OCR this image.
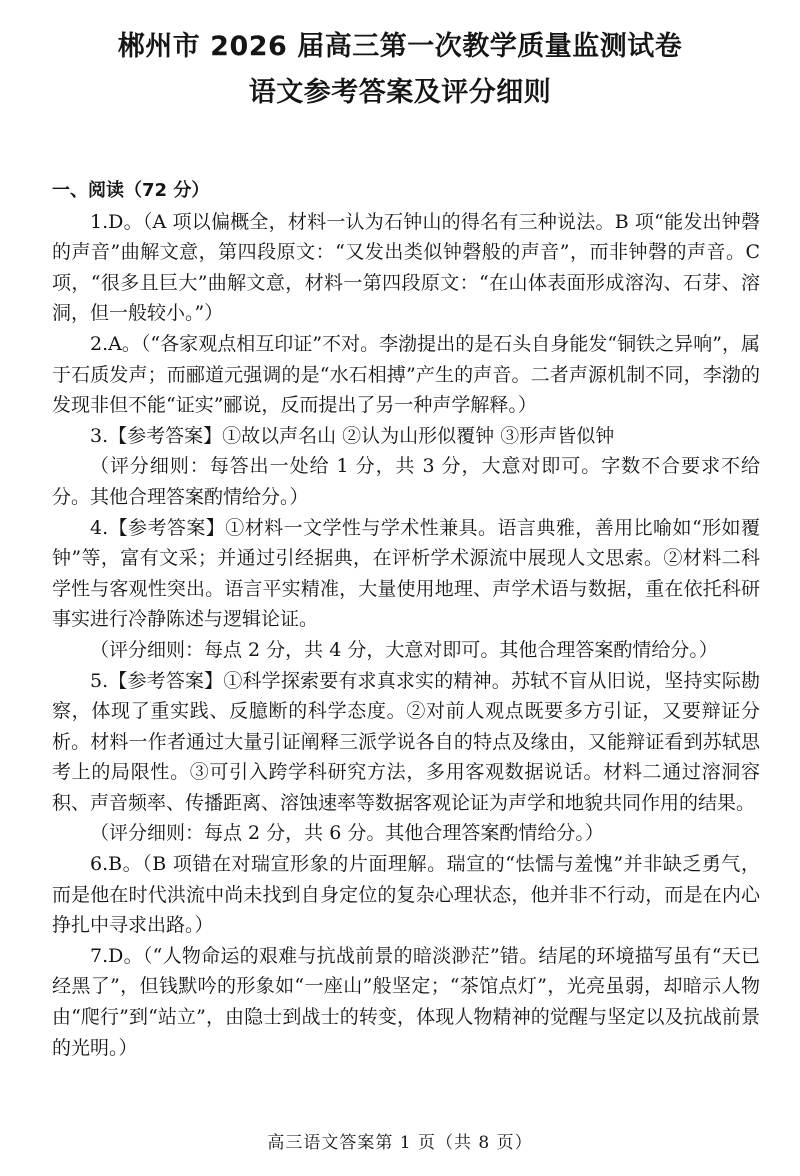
郴州市 2026 届高三第一次教学质量监测试卷
语文参考答案及评分细则

一、阅读（72 分）

1.D。（A 项以偏概全，材料一认为石钟山的得名有三种说法。B 项“能发出钟磬的声音”曲解文意，第四段原文：“又发出类似钟磬般的声音”，而非钟磬的声音。C 项，“很多且巨大”曲解文意，材料一第四段原文：“在山体表面形成溶沟、石芽、溶洞，但一般较小。”）

2.A。（“各家观点相互印证”不对。李渤提出的是石头自身能发“铜铁之异响”，属于石质发声；而郦道元强调的是“水石相搏”产生的声音。二者声源机制不同，李渤的发现非但不能“证实”郦说，反而提出了另一种声学解释。）

3.【参考答案】①故以声名山 ②认为山形似覆钟 ③形声皆似钟

（评分细则：每答出一处给 1 分，共 3 分，大意对即可。字数不合要求不给分。其他合理答案酌情给分。）

4.【参考答案】①材料一文学性与学术性兼具。语言典雅，善用比喻如“形如覆钟”等，富有文采；并通过引经据典，在评析学术源流中展现人文思索。②材料二科学性与客观性突出。语言平实精准，大量使用地理、声学术语与数据，重在依托科研事实进行冷静陈述与逻辑论证。

（评分细则：每点 2 分，共 4 分，大意对即可。其他合理答案酌情给分。）

5.【参考答案】①科学探索要有求真求实的精神。苏轼不盲从旧说，坚持实际勘察，体现了重实践、反臆断的科学态度。②对前人观点既要多方引证，又要辩证分析。材料一作者通过大量引证阐释三派学说各自的特点及缘由，又能辩证看到苏轼思考上的局限性。③可引入跨学科研究方法，多用客观数据说话。材料二通过溶洞容积、声音频率、传播距离、溶蚀速率等数据客观论证为声学和地貌共同作用的结果。

（评分细则：每点 2 分，共 6 分。其他合理答案酌情给分。）

6.B。（B 项错在对瑞宣形象的片面理解。瑞宣的“怯懦与羞愧”并非缺乏勇气，而是他在时代洪流中尚未找到自身定位的复杂心理状态，他并非不行动，而是在内心挣扎中寻求出路。）

7.D。（“人物命运的艰难与抗战前景的暗淡渺茫”错。结尾的环境描写虽有“天已经黑了”，但钱默吟的形象如“一座山”般坚定；“茶馆点灯”，光亮虽弱，却暗示人物由“爬行”到“站立”，由隐士到战士的转变，体现人物精神的觉醒与坚定以及抗战前景的光明。）

高三语文答案第 1 页（共 8 页）
